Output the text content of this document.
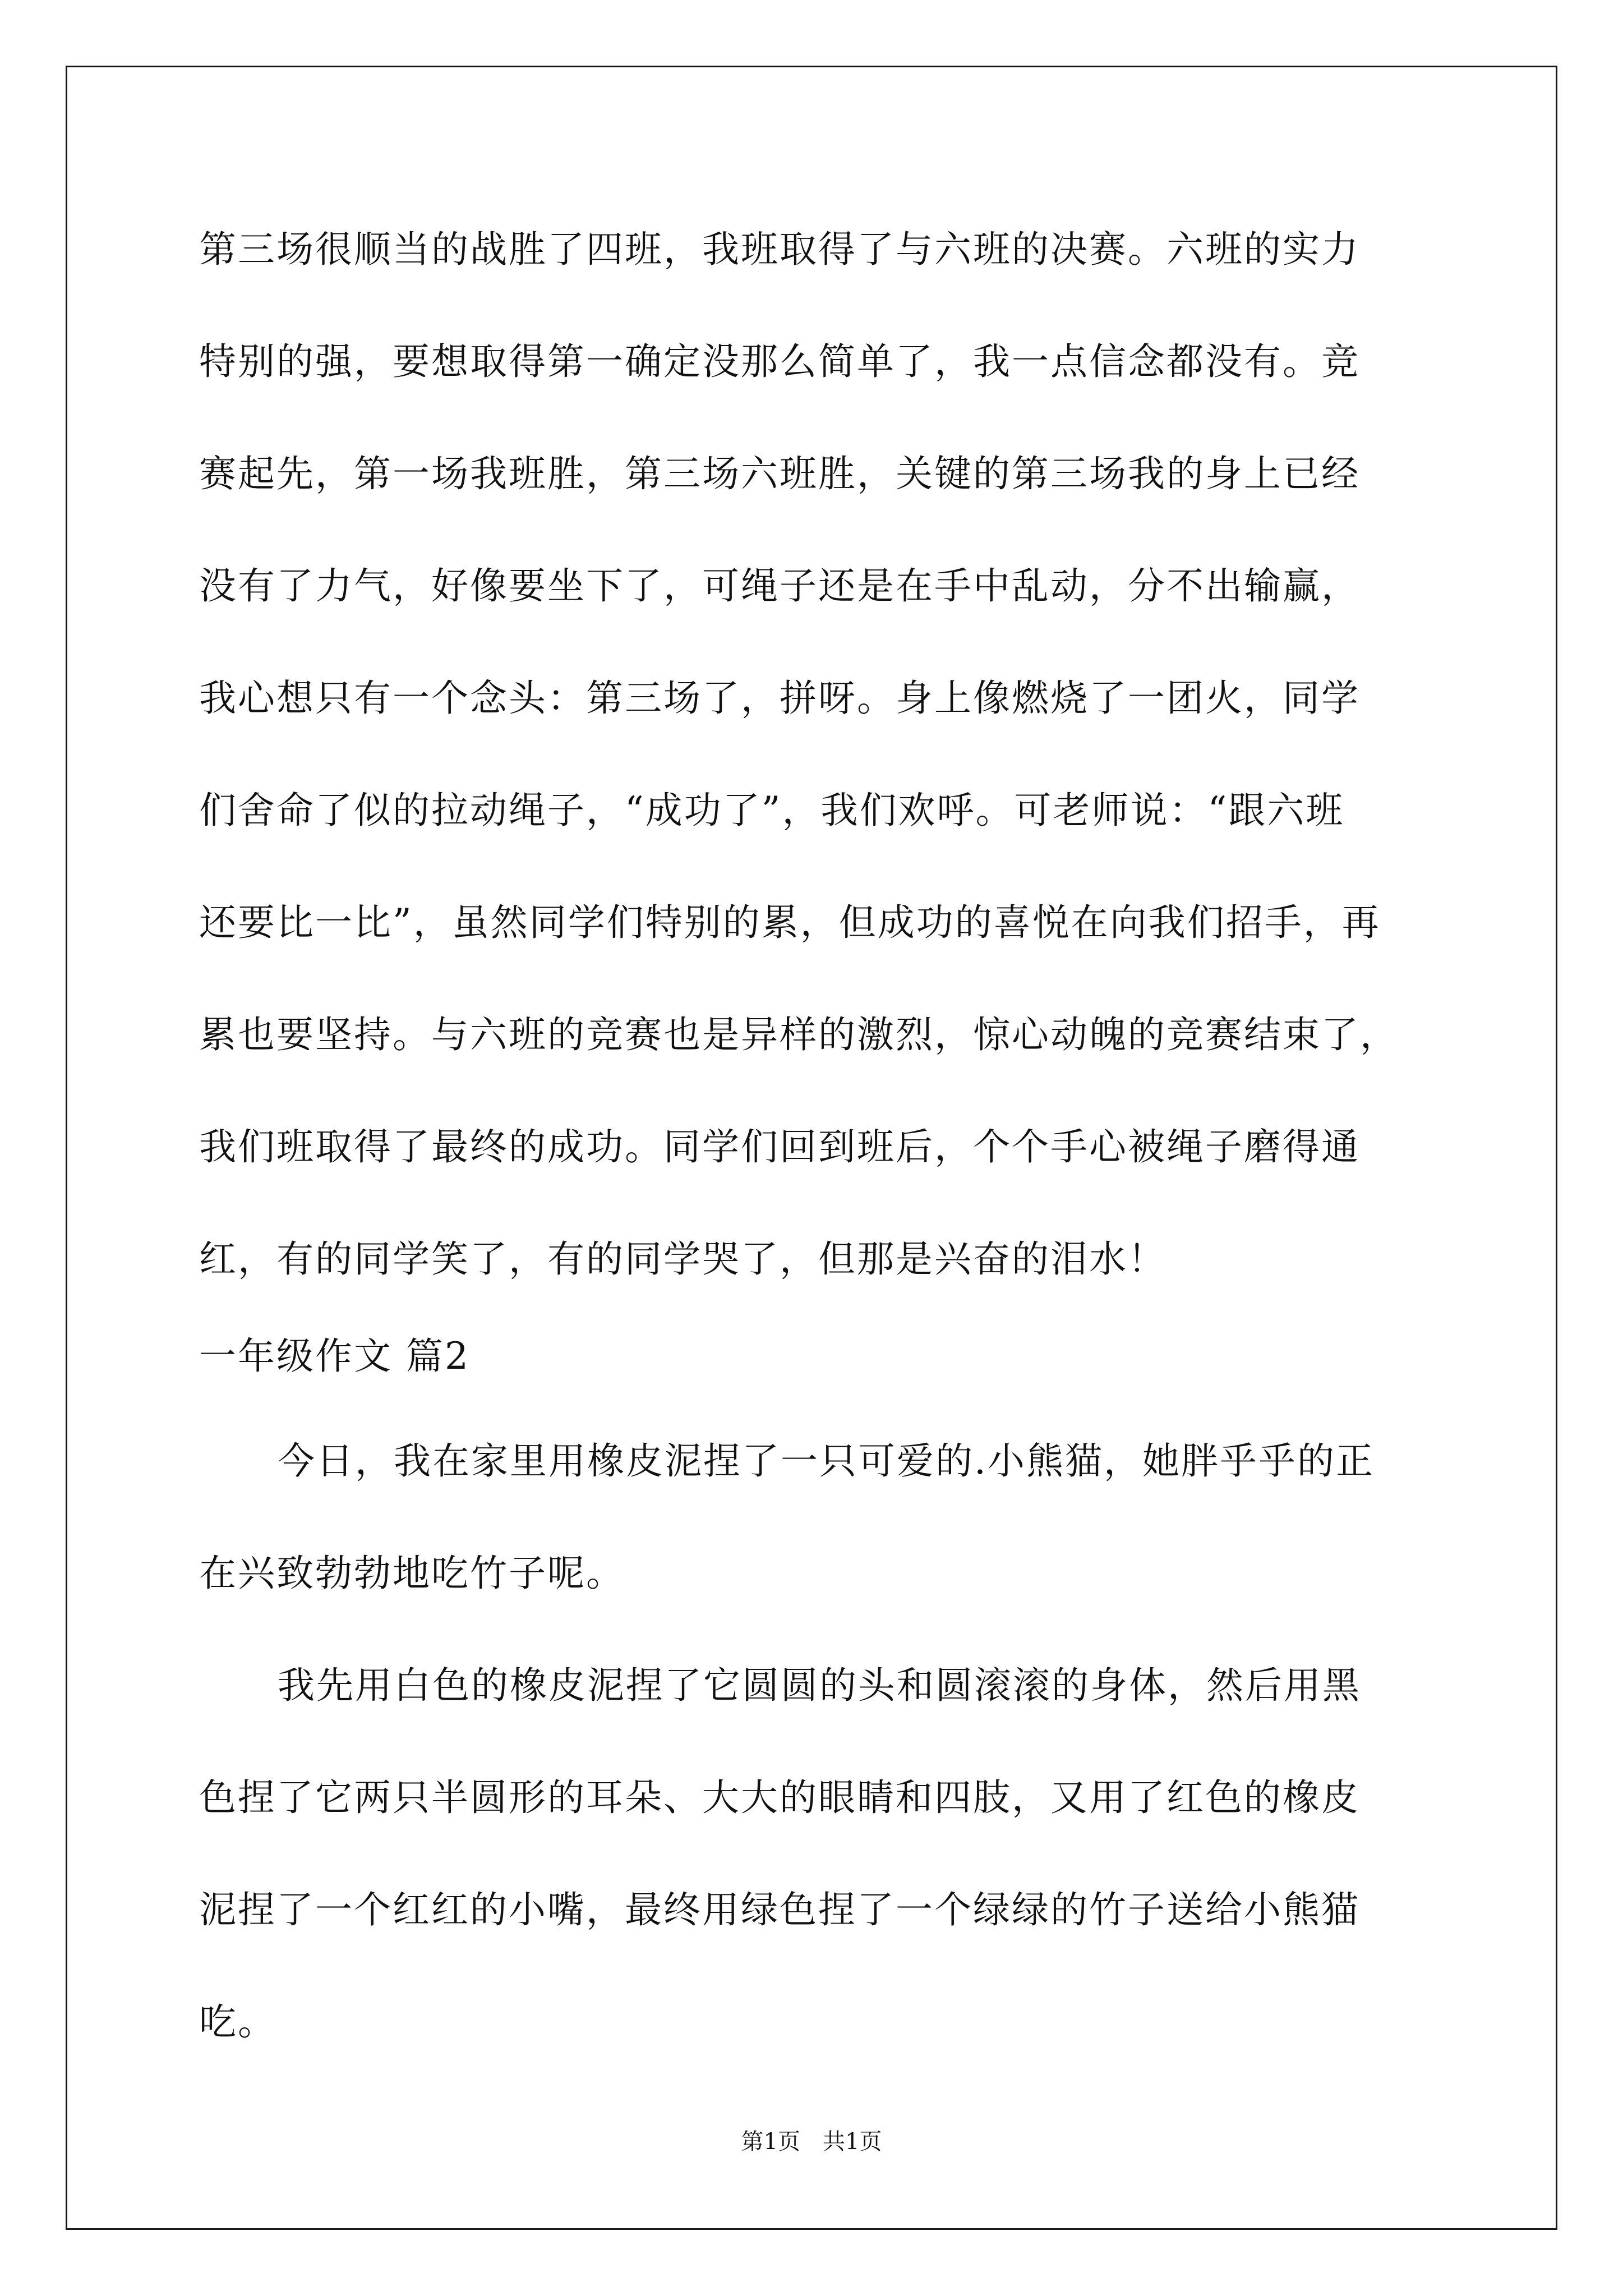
第三场很顺当的战胜了四班，我班取得了与六班的决赛。六班的实力
特别的强，要想取得第一确定没那么简单了，我一点信念都没有。竞
赛起先，第一场我班胜，第三场六班胜，关键的第三场我的身上已经
没有了力气，好像要坐下了，可绳子还是在手中乱动，分不出输赢，
我心想只有一个念头：第三场了，拼呀。身上像燃烧了一团火，同学
们舍命了似的拉动绳子，“成功了”，我们欢呼。可老师说：“跟六班
还要比一比”，虽然同学们特别的累，但成功的喜悦在向我们招手，再
累也要坚持。与六班的竞赛也是异样的激烈，惊心动魄的竞赛结束了，
我们班取得了最终的成功。同学们回到班后，个个手心被绳子磨得通
红，有的同学笑了，有的同学哭了，但那是兴奋的泪水！
一年级作文 篇2
今日，我在家里用橡皮泥捏了一只可爱的.小熊猫，她胖乎乎的正
在兴致勃勃地吃竹子呢。
我先用白色的橡皮泥捏了它圆圆的头和圆滚滚的身体，然后用黑
色捏了它两只半圆形的耳朵、大大的眼睛和四肢，又用了红色的橡皮
泥捏了一个红红的小嘴，最终用绿色捏了一个绿绿的竹子送给小熊猫
吃。
第1页　共1页
